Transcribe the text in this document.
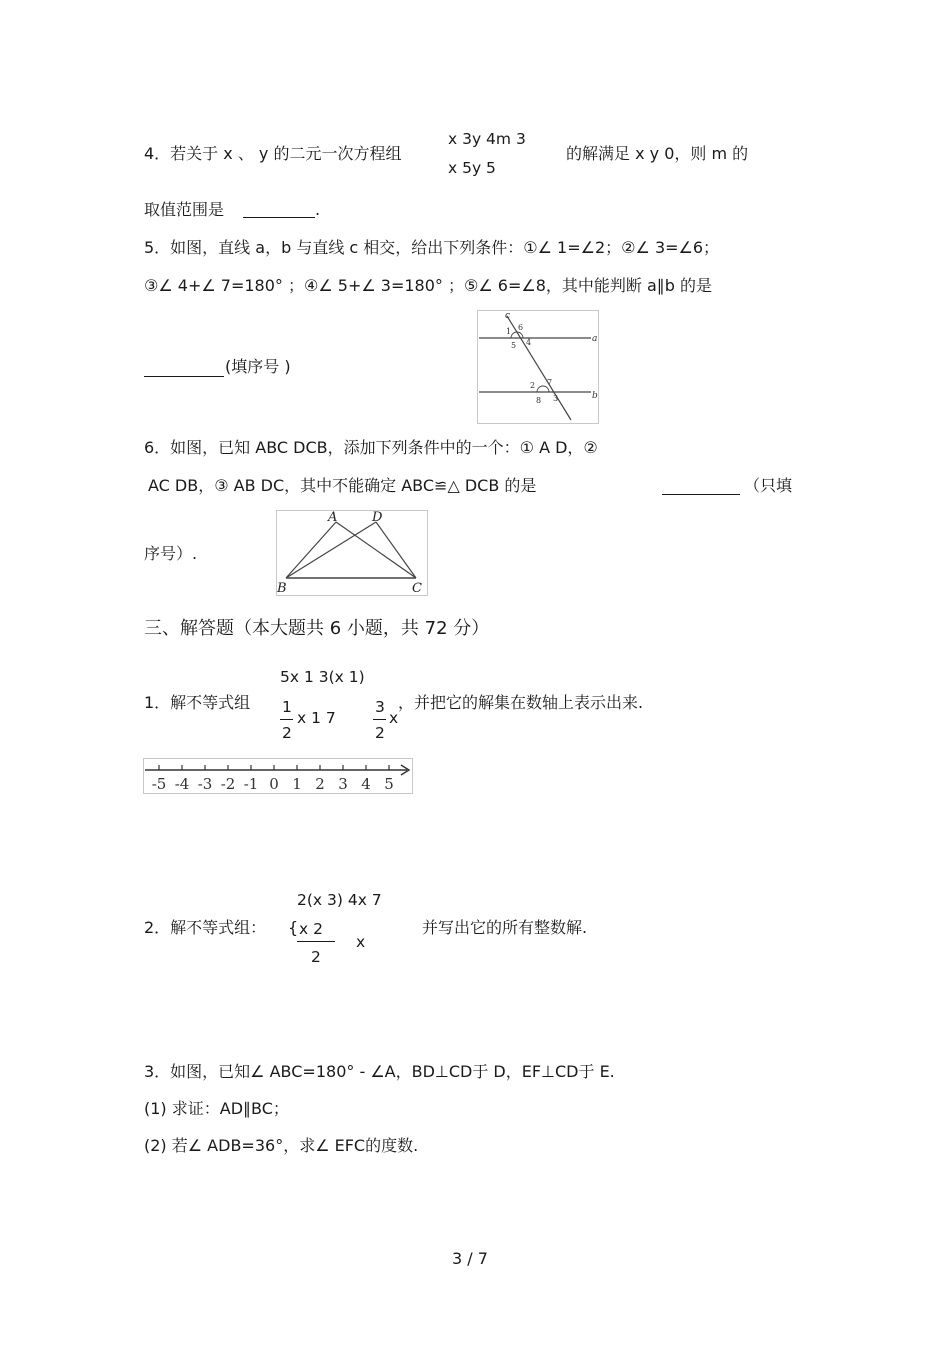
4．若关于 x 、 y 的二元一次方程组
x 3y 4m 3
x 5y 5
的解满足 x y 0，则 m 的
取值范围是	.
5．如图，直线 a，b 与直线 c 相交，给出下列条件：①∠ 1=∠2；②∠ 3=∠6；
③∠ 4+∠ 7=180° ；④∠ 5+∠ 3=180° ；⑤∠ 6=∠8，其中能判断 a∥b 的是
(填序号 )
c
a
b
1 6
5 4
2 7
8 3
6．如图，已知 ABC DCB，添加下列条件中的一个：① A D，②
AC DB，③ AB DC，其中不能确定 ABC≌△ DCB 的是	（只填
序号）.
A	D
B	C
三、解答题（本大题共 6 小题，共 72 分）
5x 1 3(x 1)
1．解不等式组 1
2
x 1 7
3
2
x
，并把它的解集在数轴上表示出来.
-5 -4 -3 -2 -1 0 1 2 3 4 5
2(x 3) 4x 7
2．解不等式组： { x 2
2
x
并写出它的所有整数解.
3．如图，已知∠ ABC=180° - ∠A，BD⊥CD于 D，EF⊥CD于 E.
(1) 求证：AD∥BC；
(2) 若∠ ADB=36°，求∠ EFC的度数.
3 / 7
